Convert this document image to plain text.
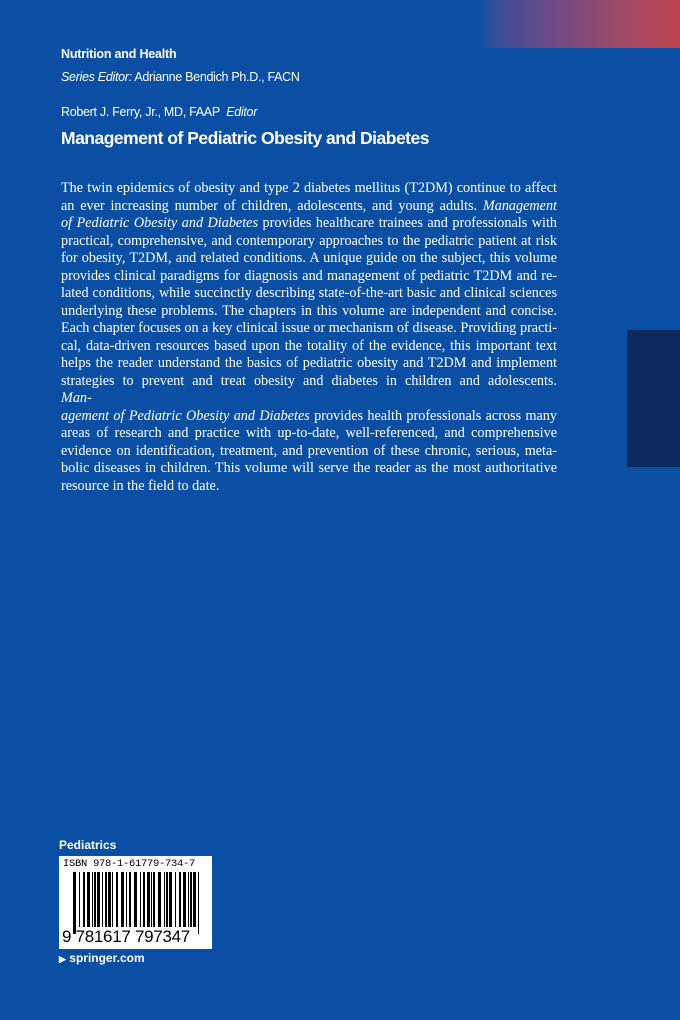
Nutrition and Health
Series Editor: Adrianne Bendich Ph.D., FACN
Robert J. Ferry, Jr., MD, FAAP Editor
Management of Pediatric Obesity and Diabetes
The twin epidemics of obesity and type 2 diabetes mellitus (T2DM) continue to affect
an ever increasing number of children, adolescents, and young adults. Management
of Pediatric Obesity and Diabetes provides healthcare trainees and professionals with
practical, comprehensive, and contemporary approaches to the pediatric patient at risk
for obesity, T2DM, and related conditions. A unique guide on the subject, this volume
provides clinical paradigms for diagnosis and management of pediatric T2DM and re-
lated conditions, while succinctly describing state-of-the-art basic and clinical sciences
underlying these problems. The chapters in this volume are independent and concise.
Each chapter focuses on a key clinical issue or mechanism of disease. Providing practi-
cal, data-driven resources based upon the totality of the evidence, this important text
helps the reader understand the basics of pediatric obesity and T2DM and implement
strategies to prevent and treat obesity and diabetes in children and adolescents.
Man-
agement of Pediatric Obesity and Diabetes provides health professionals across many
areas of research and practice with up-to-date, well-referenced, and comprehensive
evidence on identification, treatment, and prevention of these chronic, serious, meta-
bolic diseases in children. This volume will serve the reader as the most authoritative
resource in the field to date.
Pediatrics
ISBN 978-1-61779-734-7
9 781617 797347
▶ springer.com
